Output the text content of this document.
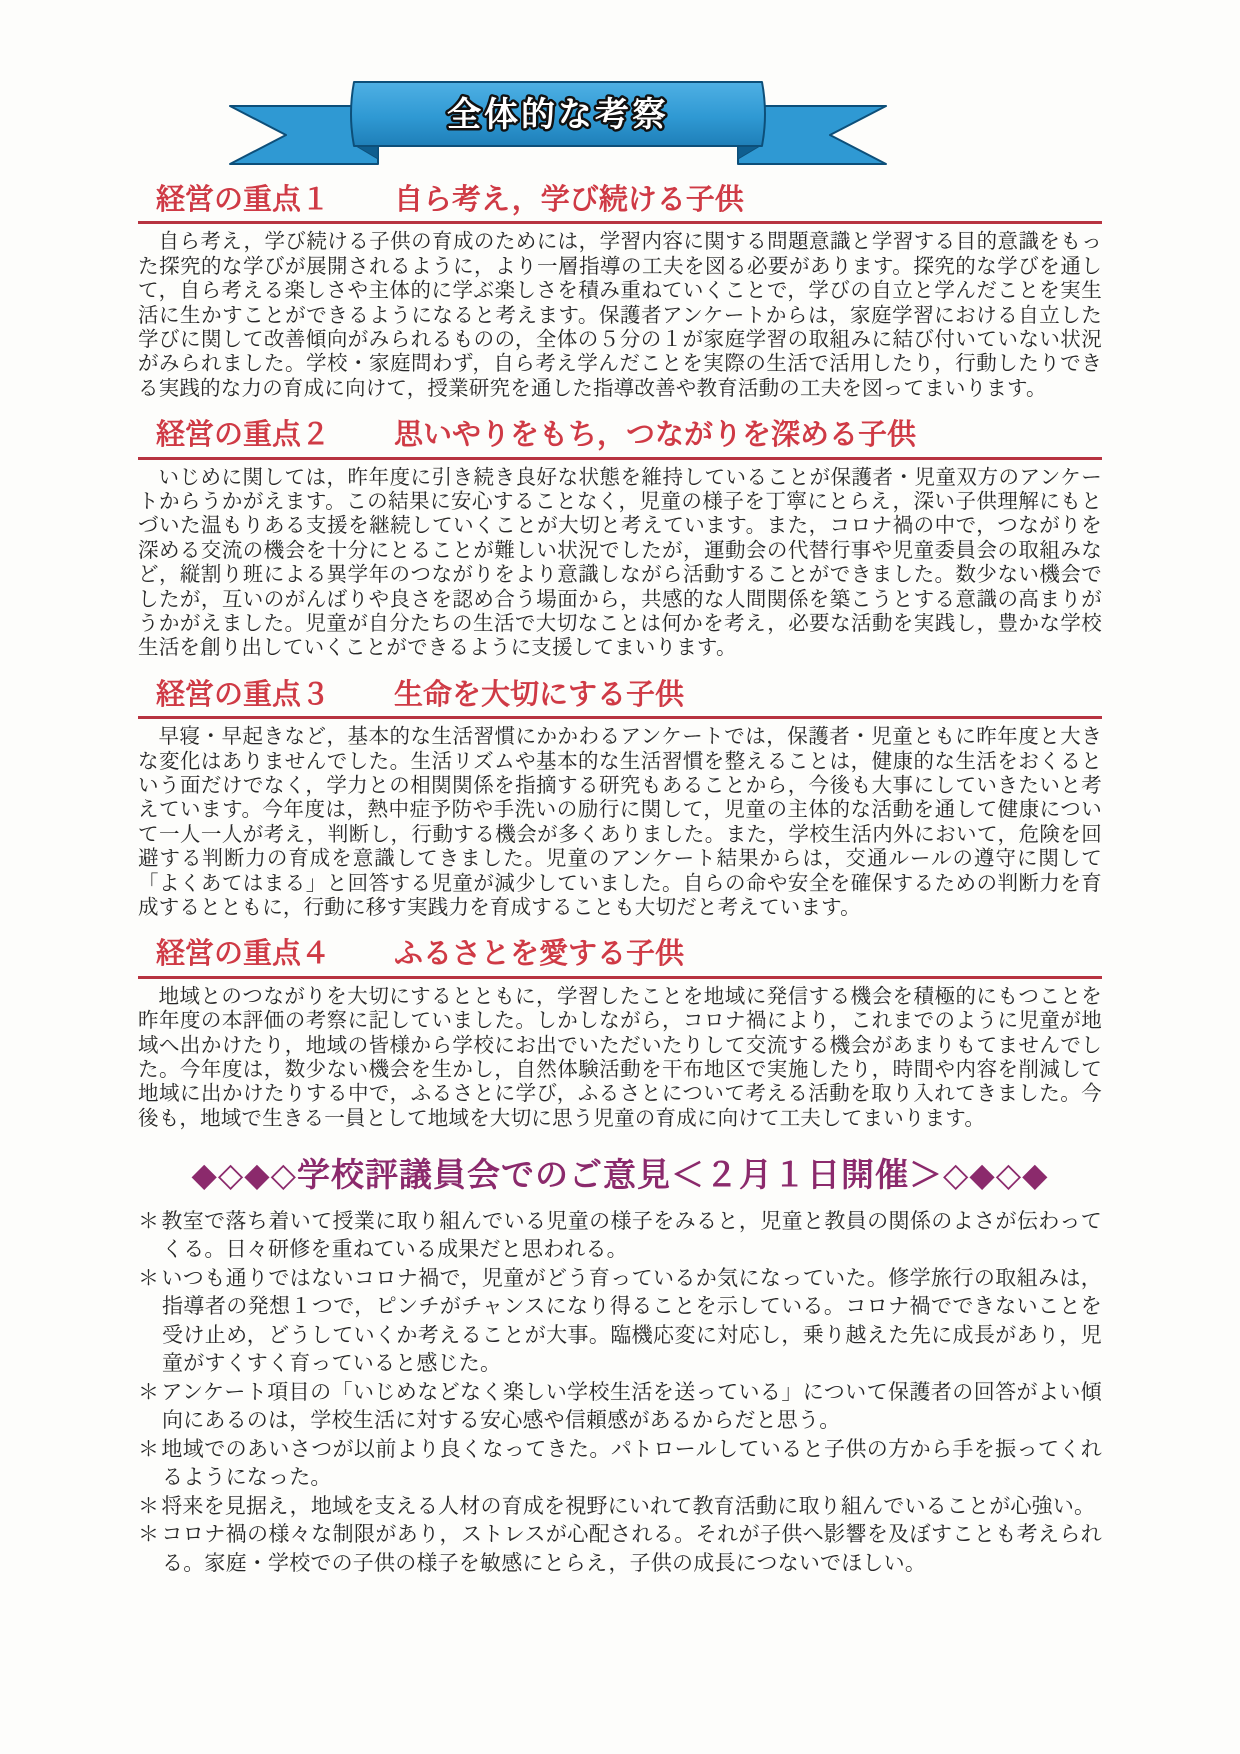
全体的な考察
経営の重点１ 自ら考え，学び続ける子供

自ら考え，学び続ける子供の育成のためには，学習内容に関する問題意識と学習する目的意識をもった探究的な学びが展開されるように，より一層指導の工夫を図る必要があります。探究的な学びを通して，自ら考える楽しさや主体的に学ぶ楽しさを積み重ねていくことで，学びの自立と学んだことを実生活に生かすことができるようになると考えます。保護者アンケートからは，家庭学習における自立した学びに関して改善傾向がみられるものの，全体の５分の１が家庭学習の取組みに結び付いていない状況がみられました。学校・家庭問わず，自ら考え学んだことを実際の生活で活用したり，行動したりできる実践的な力の育成に向けて，授業研究を通した指導改善や教育活動の工夫を図ってまいります。

経営の重点２ 思いやりをもち，つながりを深める子供

いじめに関しては，昨年度に引き続き良好な状態を維持していることが保護者・児童双方のアンケートからうかがえます。この結果に安心することなく，児童の様子を丁寧にとらえ，深い子供理解にもとづいた温もりある支援を継続していくことが大切と考えています。また，コロナ禍の中で，つながりを深める交流の機会を十分にとることが難しい状況でしたが，運動会の代替行事や児童委員会の取組みなど，縦割り班による異学年のつながりをより意識しながら活動することができました。数少ない機会でしたが，互いのがんばりや良さを認め合う場面から，共感的な人間関係を築こうとする意識の高まりがうかがえました。児童が自分たちの生活で大切なことは何かを考え，必要な活動を実践し，豊かな学校生活を創り出していくことができるように支援してまいります。

経営の重点３ 生命を大切にする子供

早寝・早起きなど，基本的な生活習慣にかかわるアンケートでは，保護者・児童ともに昨年度と大きな変化はありませんでした。生活リズムや基本的な生活習慣を整えることは，健康的な生活をおくるという面だけでなく，学力との相関関係を指摘する研究もあることから，今後も大事にしていきたいと考えています。今年度は，熱中症予防や手洗いの励行に関して，児童の主体的な活動を通して健康について一人一人が考え，判断し，行動する機会が多くありました。また，学校生活内外において，危険を回避する判断力の育成を意識してきました。児童のアンケート結果からは，交通ルールの遵守に関して「よくあてはまる」と回答する児童が減少していました。自らの命や安全を確保するための判断力を育成するとともに，行動に移す実践力を育成することも大切だと考えています。

経営の重点４ ふるさとを愛する子供

地域とのつながりを大切にするとともに，学習したことを地域に発信する機会を積極的にもつことを昨年度の本評価の考察に記していました。しかしながら，コロナ禍により，これまでのように児童が地域へ出かけたり，地域の皆様から学校にお出でいただいたりして交流する機会があまりもてませんでした。今年度は，数少ない機会を生かし，自然体験活動を干布地区で実施したり，時間や内容を削減して地域に出かけたりする中で，ふるさとに学び，ふるさとについて考える活動を取り入れてきました。今後も，地域で生きる一員として地域を大切に思う児童の育成に向けて工夫してまいります。

◆◇◆◇学校評議員会でのご意見＜２月１日開催＞◇◆◇◆

＊教室で落ち着いて授業に取り組んでいる児童の様子をみると，児童と教員の関係のよさが伝わってくる。日々研修を重ねている成果だと思われる。

＊いつも通りではないコロナ禍で，児童がどう育っているか気になっていた。修学旅行の取組みは，指導者の発想１つで，ピンチがチャンスになり得ることを示している。コロナ禍でできないことを受け止め，どうしていくか考えることが大事。臨機応変に対応し，乗り越えた先に成長があり，児童がすくすく育っていると感じた。

＊アンケート項目の「いじめなどなく楽しい学校生活を送っている」について保護者の回答がよい傾向にあるのは，学校生活に対する安心感や信頼感があるからだと思う。

＊地域でのあいさつが以前より良くなってきた。パトロールしていると子供の方から手を振ってくれるようになった。

＊将来を見据え，地域を支える人材の育成を視野にいれて教育活動に取り組んでいることが心強い。

＊コロナ禍の様々な制限があり，ストレスが心配される。それが子供へ影響を及ぼすことも考えられる。家庭・学校での子供の様子を敏感にとらえ，子供の成長につないでほしい。
